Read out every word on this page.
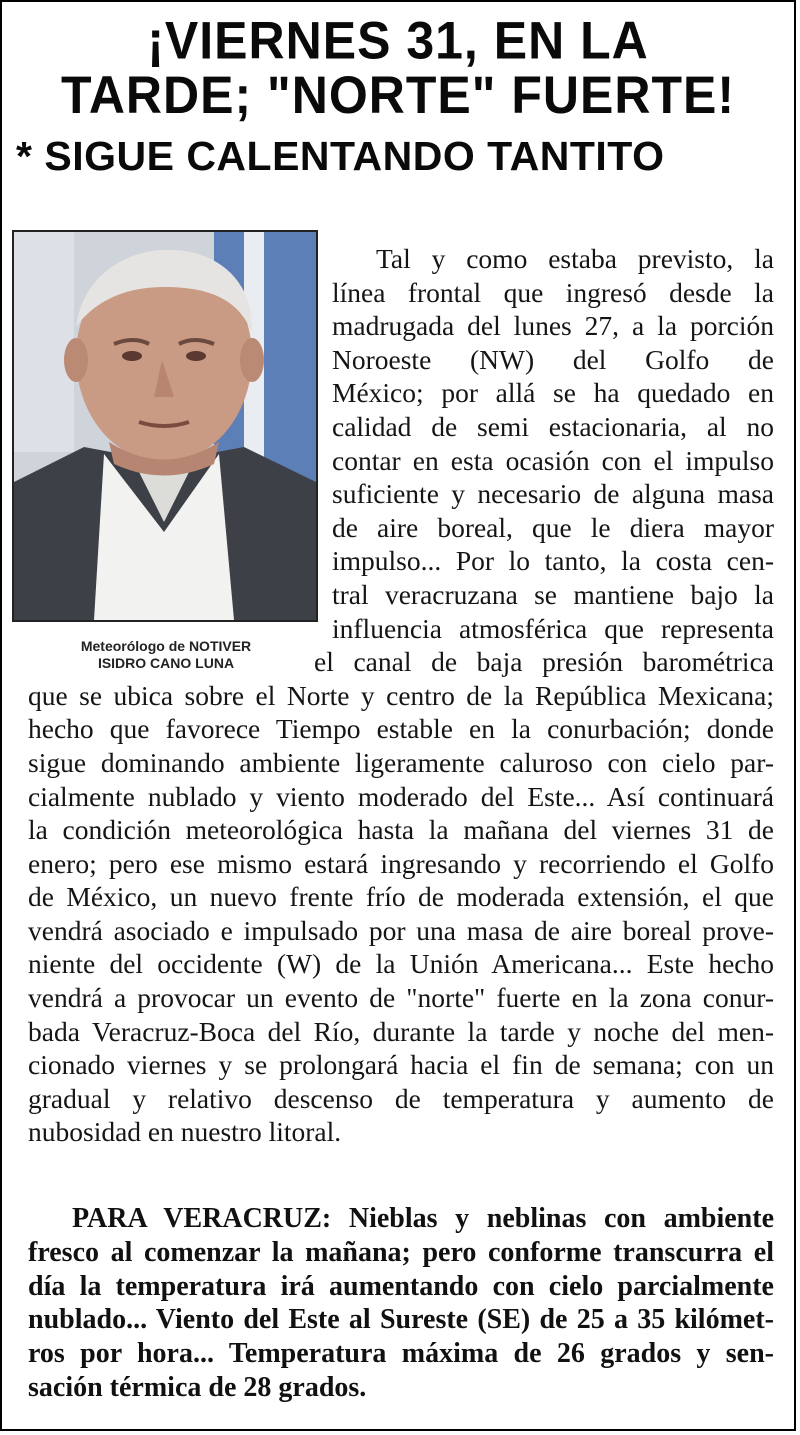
¡VIERNES 31, EN LA
TARDE; "NORTE" FUERTE!
* SIGUE CALENTANDO TANTITO
Meteorólogo de NOTIVER
ISIDRO CANO LUNA
Tal y como estaba previsto, la
línea frontal que ingresó desde la
madrugada del lunes 27, a la porción
Noroeste (NW) del Golfo de
México; por allá se ha quedado en
calidad de semi estacionaria, al no
contar en esta ocasión con el impulso
suficiente y necesario de alguna masa
de aire boreal, que le diera mayor
impulso... Por lo tanto, la costa cen-
tral veracruzana se mantiene bajo la
influencia atmosférica que representa
el canal de baja presión barométrica
que se ubica sobre el Norte y centro de la República Mexicana;
hecho que favorece Tiempo estable en la conurbación; donde
sigue dominando ambiente ligeramente caluroso con cielo par-
cialmente nublado y viento moderado del Este... Así continuará
la condición meteorológica hasta la mañana del viernes 31 de
enero; pero ese mismo estará ingresando y recorriendo el Golfo
de México, un nuevo frente frío de moderada extensión, el que
vendrá asociado e impulsado por una masa de aire boreal prove-
niente del occidente (W) de la Unión Americana... Este hecho
vendrá a provocar un evento de "norte" fuerte en la zona conur-
bada Veracruz-Boca del Río, durante la tarde y noche del men-
cionado viernes y se prolongará hacia el fin de semana; con un
gradual y relativo descenso de temperatura y aumento de
nubosidad en nuestro litoral.
PARA VERACRUZ: Nieblas y neblinas con ambiente
fresco al comenzar la mañana; pero conforme transcurra el
día la temperatura irá aumentando con cielo parcialmente
nublado... Viento del Este al Sureste (SE) de 25 a 35 kilómet-
ros por hora... Temperatura máxima de 26 grados y sen-
sación térmica de 28 grados.
